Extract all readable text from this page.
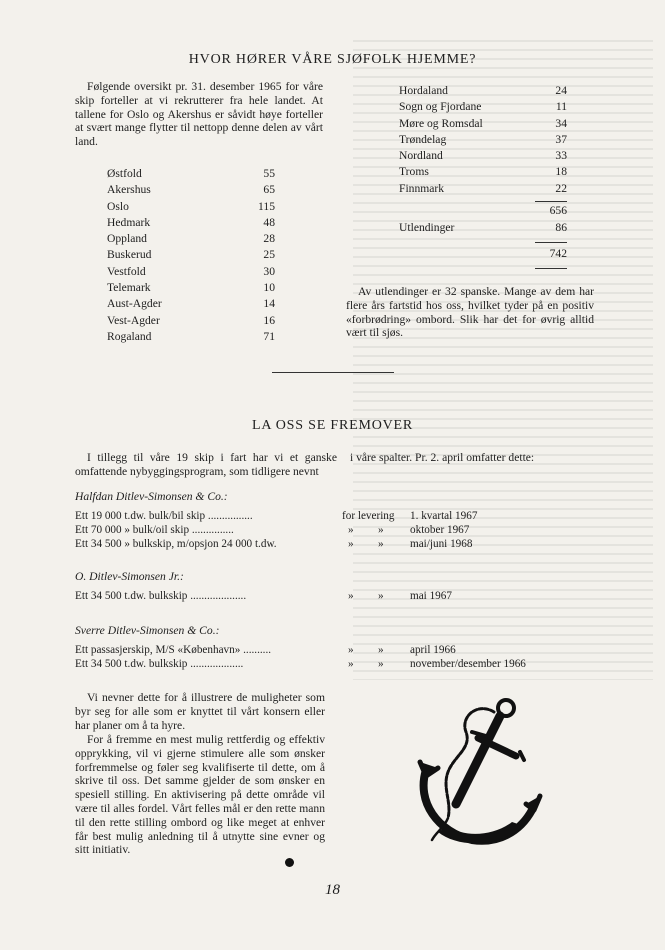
HVOR HØRER VÅRE SJØFOLK HJEMME?
Følgende oversikt pr. 31. desember 1965 for våre skip forteller at vi rekrutterer fra hele landet. At tallene for Oslo og Akershus er såvidt høye forteller at svært mange flytter til nettopp denne delen av vårt land.
Østfold	55
Akershus	65
Oslo	115
Hedmark	48
Oppland	28
Buskerud	25
Vestfold	30
Telemark	10
Aust-Agder	14
Vest-Agder	16
Rogaland	71
Hordaland	24
Sogn og Fjordane	11
Møre og Romsdal	34
Trøndelag	37
Nordland	33
Troms	18
Finnmark	22
656
Utlendinger	86
742
Av utlendinger er 32 spanske. Mange av dem har flere års fartstid hos oss, hvilket tyder på en positiv «forbrødring» ombord. Slik har det for øvrig alltid vært til sjøs.
LA OSS SE FREMOVER
I tillegg til våre 19 skip i fart har vi et ganske omfattende nybyggingsprogram, som tidligere nevnt
i våre spalter. Pr. 2. april omfatter dette:
Halfdan Ditlev-Simonsen & Co.:
Ett 19 000 t.dw. bulk/bil skip ................	for levering 1. kvartal 1967
Ett 70 000 » bulk/oil skip ...............	» » oktober 1967
Ett 34 500 » bulkskip, m/opsjon 24 000 t.dw.	» » mai/juni 1968
O. Ditlev-Simonsen Jr.:
Ett 34 500 t.dw. bulkskip ....................	» » mai 1967
Sverre Ditlev-Simonsen & Co.:
Ett passasjerskip, M/S «København» ..........	» » april 1966
Ett 34 500 t.dw. bulkskip ...................	» » november/desember 1966
Vi nevner dette for å illustrere de muligheter som byr seg for alle som er knyttet til vårt konsern eller har planer om å ta hyre.
For å fremme en mest mulig rettferdig og effektiv opprykking, vil vi gjerne stimulere alle som ønsker forfremmelse og føler seg kvalifiserte til dette, om å skrive til oss. Det samme gjelder de som ønsker en spesiell stilling. En aktivisering på dette område vil være til alles fordel. Vårt felles mål er den rette mann til den rette stilling ombord og like meget at enhver får best mulig anledning til å utnytte sine evner og sitt initiativ.
18
